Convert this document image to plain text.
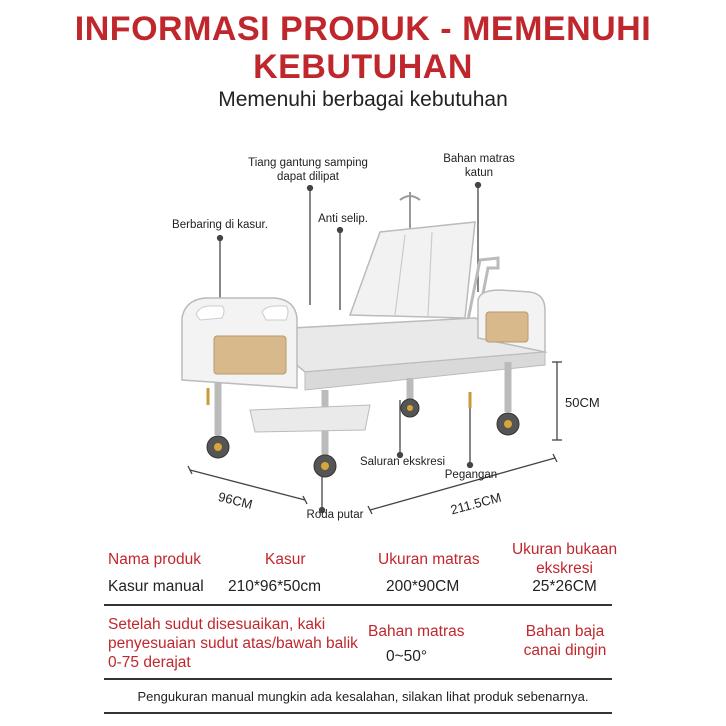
INFORMASI PRODUK - MEMENUHI
KEBUTUHAN
Memenuhi berbagai kebutuhan
Tiang gantung samping dapat dilipat
Bahan matras katun
Berbaring di kasur.	Anti selip.
Saluran ekskresi
Pegangan
Roda putar
50CM
96CM	211.5CM
Nama produk
Kasur manual
Kasur
210*96*50cm
Ukuran matras
200*90CM
Ukuran bukaan ekskresi
25*26CM
Setelah sudut disesuaikan, kaki penyesuaian sudut atas/bawah balik 0-75 derajat
Bahan matras
0~50°
Bahan baja canai dingin
Pengukuran manual mungkin ada kesalahan, silakan lihat produk sebenarnya.
